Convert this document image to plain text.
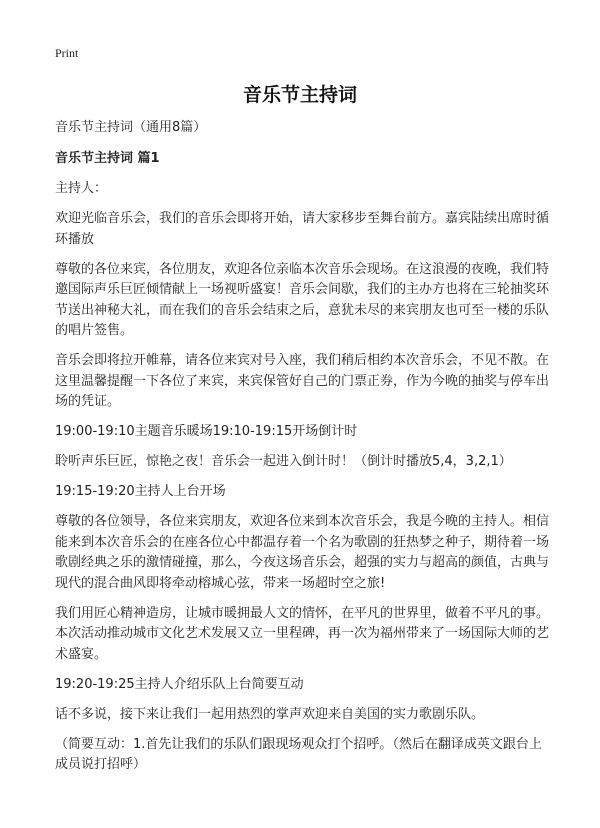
Print
音乐节主持词

音乐节主持词（通用8篇）

音乐节主持词 篇1

主持人：

欢迎光临音乐会，我们的音乐会即将开始，请大家移步至舞台前方。嘉宾陆续出席时循环播放

尊敬的各位来宾，各位朋友，欢迎各位亲临本次音乐会现场。在这浪漫的夜晚，我们特邀国际声乐巨匠倾情献上一场视听盛宴！音乐会间歇，我们的主办方也将在三轮抽奖环节送出神秘大礼，而在我们的音乐会结束之后，意犹未尽的来宾朋友也可至一楼的乐队的唱片签售。

音乐会即将拉开帷幕，请各位来宾对号入座，我们稍后相约本次音乐会，不见不散。在这里温馨提醒一下各位了来宾，来宾保管好自己的门票正券，作为今晚的抽奖与停车出场的凭证。

19:00-19:10主题音乐暖场19:10-19:15开场倒计时

聆听声乐巨匠，惊艳之夜！音乐会一起进入倒计时！（倒计时播放5,4，3,2,1）

19:15-19:20主持人上台开场

尊敬的各位领导，各位来宾朋友，欢迎各位来到本次音乐会，我是今晚的主持人。相信能来到本次音乐会的在座各位心中都温存着一个名为歌剧的狂热梦之种子，期待着一场歌剧经典之乐的激情碰撞，那么，今夜这场音乐会，超强的实力与超高的颜值，古典与现代的混合曲风即将牵动榕城心弦，带来一场超时空之旅!

我们用匠心精神造房，让城市暖拥最人文的情怀，在平凡的世界里，做着不平凡的事。本次活动推动城市文化艺术发展又立一里程碑，再一次为福州带来了一场国际大师的艺术盛宴。

19:20-19:25主持人介绍乐队上台简要互动

话不多说，接下来让我们一起用热烈的掌声欢迎来自美国的实力歌剧乐队。

（简要互动：1.首先让我们的乐队们跟现场观众打个招呼。（然后在翻译成英文跟台上成员说打招呼）
